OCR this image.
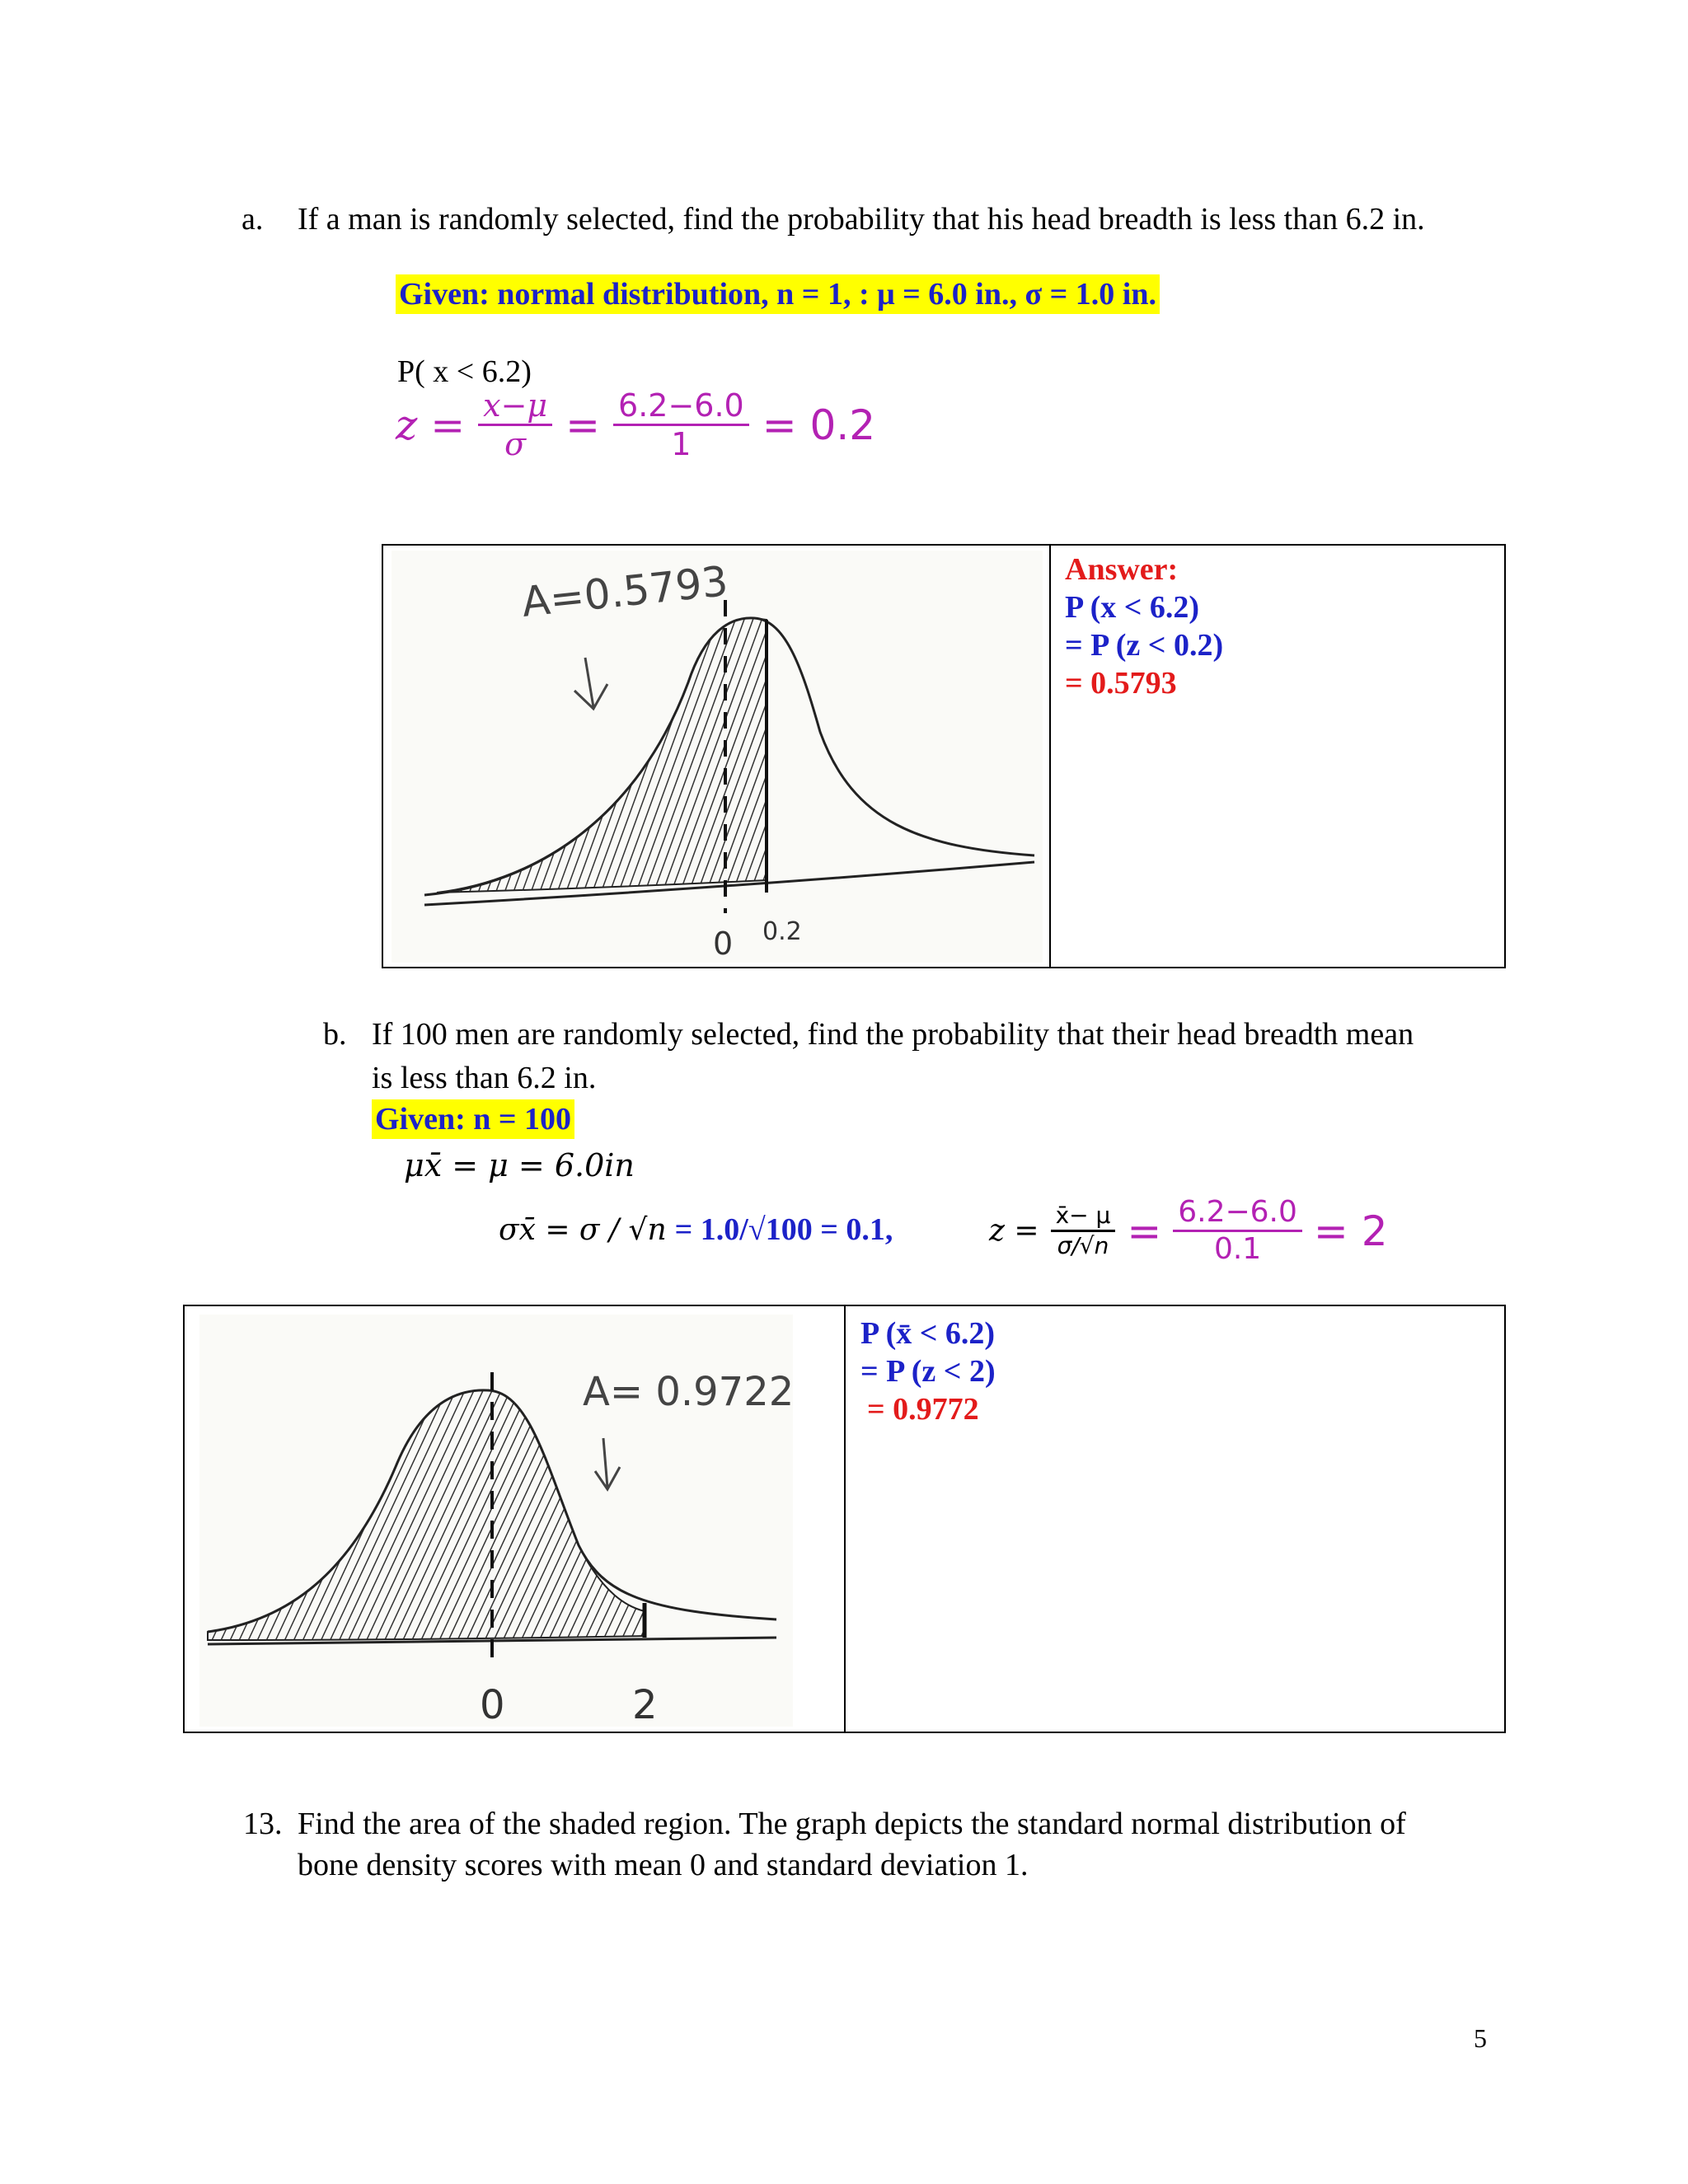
a. If a man is randomly selected, find the probability that his head breadth is less than 6.2 in.
Given: normal distribution, n = 1, : μ = 6.0 in., σ = 1.0 in.
P( x < 6.2)
$z = \frac{x-\mu}{\sigma} = \frac{6.2-6.0}{1} = 0.2$
A=0.5793
0 0.2
Answer:
P (x < 6.2)
= P (z < 0.2)
= 0.5793
b. If 100 men are randomly selected, find the probability that their head breadth mean
is less than 6.2 in.
Given: n = 100
μx̄ = μ = 6.0in
σx̄ = σ / √n = 1.0/√100 = 0.1,	$z = \frac{x̄- \mu}{\sigma/√n} = \frac{6.2-6.0}{0.1} = 2$
A= 0.9722
0	2
P (x̄ < 6.2)
= P (z < 2)
= 0.9772
13. Find the area of the shaded region. The graph depicts the standard normal distribution of
bone density scores with mean 0 and standard deviation 1.
5
